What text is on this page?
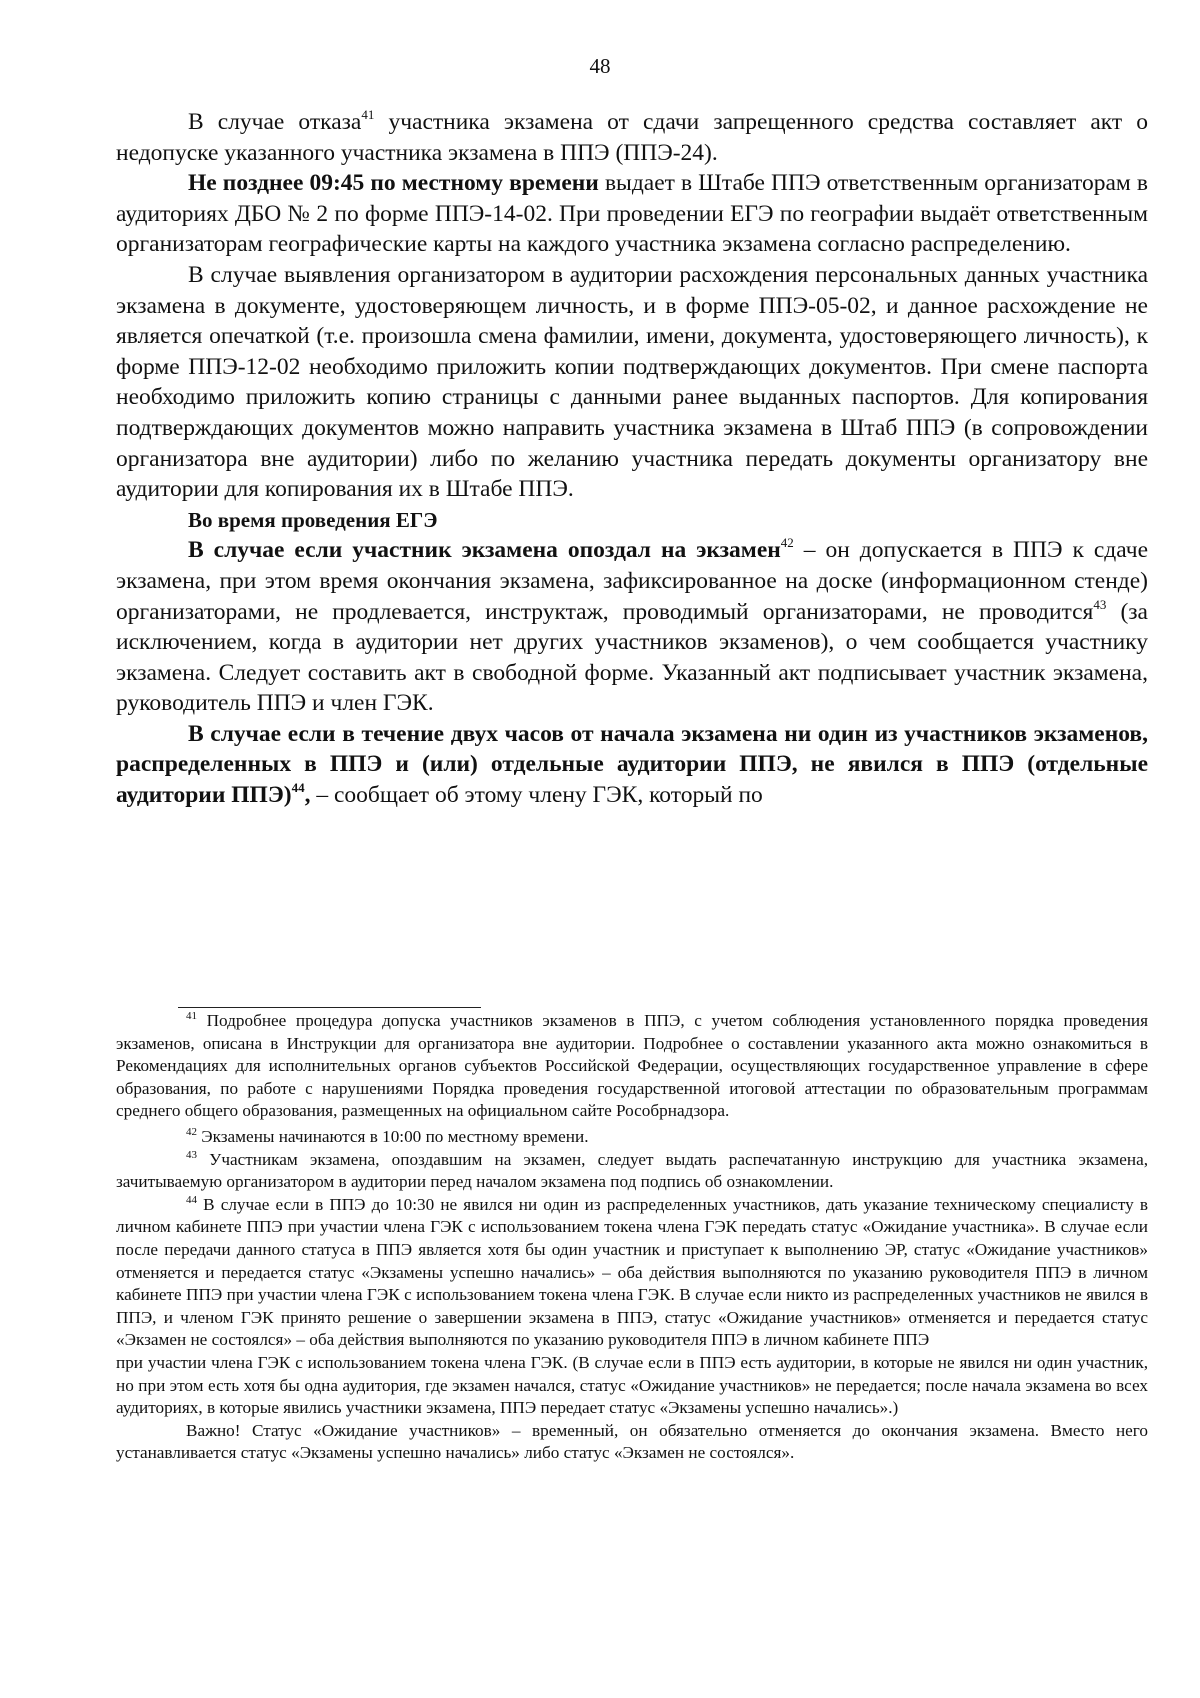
48

В случае отказа$^{41}$ участника экзамена от сдачи запрещенного средства составляет акт о недопуске указанного участника экзамена в ППЭ (ППЭ-24).

Не позднее 09:45 по местному времени выдает в Штабе ППЭ ответственным организаторам в аудиториях ДБО № 2 по форме ППЭ-14-02. При проведении ЕГЭ по географии выдаёт ответственным организаторам географические карты на каждого участника экзамена согласно распределению.

В случае выявления организатором в аудитории расхождения персональных данных участника экзамена в документе, удостоверяющем личность, и в форме ППЭ-05-02, и данное расхождение не является опечаткой (т.е. произошла смена фамилии, имени, документа, удостоверяющего личность), к форме ППЭ-12-02 необходимо приложить копии подтверждающих документов. При смене паспорта необходимо приложить копию страницы с данными ранее выданных паспортов. Для копирования подтверждающих документов можно направить участника экзамена в Штаб ППЭ (в сопровождении организатора вне аудитории) либо по желанию участника передать документы организатору вне аудитории для копирования их в Штабе ППЭ.

Во время проведения ЕГЭ

В случае если участник экзамена опоздал на экзамен$^{42}$ – он допускается в ППЭ к сдаче экзамена, при этом время окончания экзамена, зафиксированное на доске (информационном стенде) организаторами, не продлевается, инструктаж, проводимый организаторами, не проводится$^{43}$ (за исключением, когда в аудитории нет других участников экзаменов), о чем сообщается участнику экзамена. Следует составить акт в свободной форме. Указанный акт подписывает участник экзамена, руководитель ППЭ и член ГЭК.

В случае если в течение двух часов от начала экзамена ни один из участников экзаменов, распределенных в ППЭ и (или) отдельные аудитории ППЭ, не явился в ППЭ (отдельные аудитории ППЭ)$^{44}$, – сообщает об этому члену ГЭК, который по

$^{41}$ Подробнее процедура допуска участников экзаменов в ППЭ, с учетом соблюдения установленного порядка проведения экзаменов, описана в Инструкции для организатора вне аудитории. Подробнее о составлении указанного акта можно ознакомиться в Рекомендациях для исполнительных органов субъектов Российской Федерации, осуществляющих государственное управление в сфере образования, по работе с нарушениями Порядка проведения государственной итоговой аттестации по образовательным программам среднего общего образования, размещенных на официальном сайте Рособрнадзора.

$^{42}$ Экзамены начинаются в 10:00 по местному времени.

$^{43}$ Участникам экзамена, опоздавшим на экзамен, следует выдать распечатанную инструкцию для участника экзамена, зачитываемую организатором в аудитории перед началом экзамена под подпись об ознакомлении.

$^{44}$ В случае если в ППЭ до 10:30 не явился ни один из распределенных участников, дать указание техническому специалисту в личном кабинете ППЭ при участии члена ГЭК с использованием токена члена ГЭК передать статус «Ожидание участника». В случае если после передачи данного статуса в ППЭ является хотя бы один участник и приступает к выполнению ЭР, статус «Ожидание участников» отменяется и передается статус «Экзамены успешно начались» – оба действия выполняются по указанию руководителя ППЭ в личном кабинете ППЭ при участии члена ГЭК с использованием токена члена ГЭК. В случае если никто из распределенных участников не явился в ППЭ, и членом ГЭК принято решение о завершении экзамена в ППЭ, статус «Ожидание участников» отменяется и передается статус «Экзамен не состоялся» – оба действия выполняются по указанию руководителя ППЭ в личном кабинете ППЭ

при участии члена ГЭК с использованием токена члена ГЭК. (В случае если в ППЭ есть аудитории, в которые не явился ни один участник, но при этом есть хотя бы одна аудитория, где экзамен начался, статус «Ожидание участников» не передается; после начала экзамена во всех аудиториях, в которые явились участники экзамена, ППЭ передает статус «Экзамены успешно начались».)

Важно! Статус «Ожидание участников» – временный, он обязательно отменяется до окончания экзамена. Вместо него устанавливается статус «Экзамены успешно начались» либо статус «Экзамен не состоялся».
